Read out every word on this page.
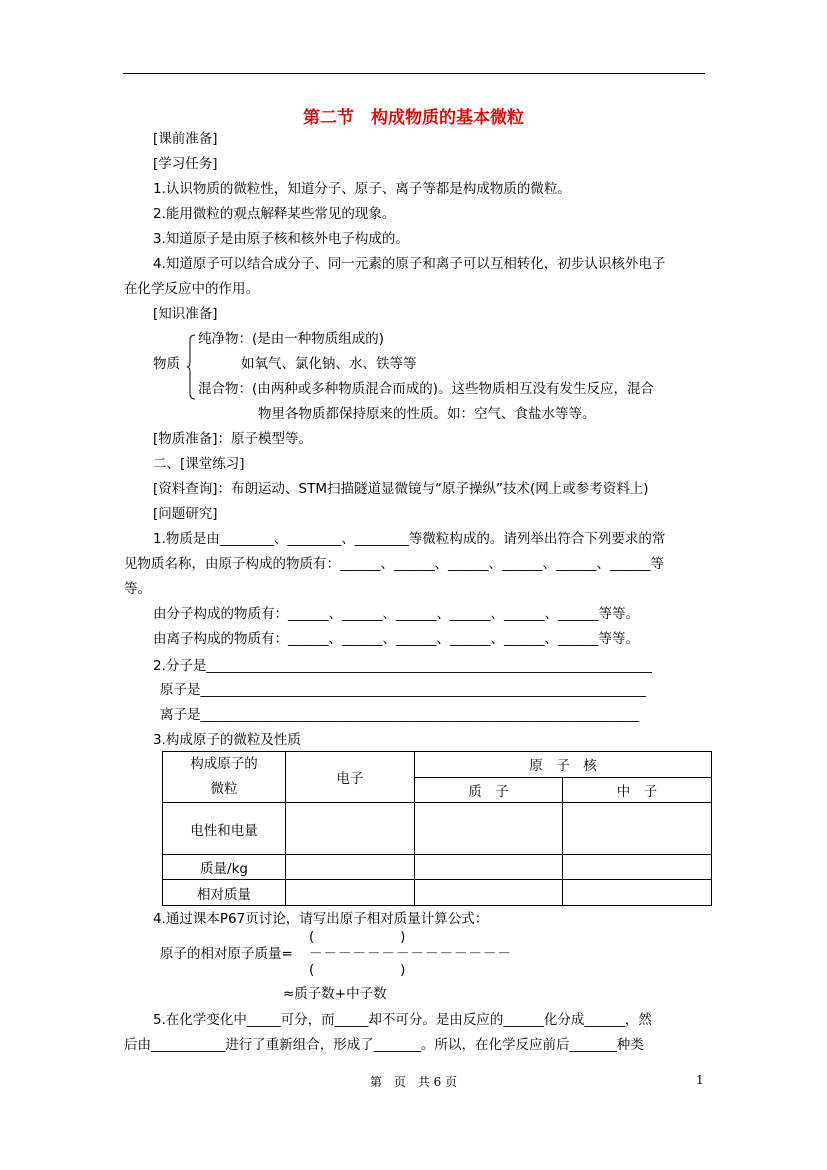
第二节　构成物质的基本微粒
[课前准备]
[学习任务]
1.认识物质的微粒性，知道分子、原子、离子等都是构成物质的微粒。
2.能用微粒的观点解释某些常见的现象。
3.知道原子是由原子核和核外电子构成的。
4.知道原子可以结合成分子、同一元素的原子和离子可以互相转化，初步认识核外电子
在化学反应中的作用。
[知识准备]
纯净物：(是由一种物质组成的)
物质	如氧气、氯化钠、水、铁等等
混合物：(由两种或多种物质混合而成的)。这些物质相互没有发生反应，混合
物里各物质都保持原来的性质。如：空气、食盐水等等。
[物质准备]：原子模型等。
二、[课堂练习]
[资料查询]：布朗运动、STM扫描隧道显微镜与“原子操纵”技术(网上或参考资料上)
[问题研究]
1.物质是由________、________、________等微粒构成的。请列举出符合下列要求的常
见物质名称，由原子构成的物质有：______、______、______、______、______、______等
等。
由分子构成的物质有：______、______、______、______、______、______等等。
由离子构成的物质有：______、______、______、______、______、______等等。
2.分子是__________________________________________________________________
原子是__________________________________________________________________
离子是_________________________________________________________________
3.构成原子的微粒及性质
构成原子的
微粒	电子	原　子　核	
		质　子	中　子
电性和电量			
质量/kg			
相对质量			
4.通过课本P67页讨论，请写出原子相对质量计算公式：
(                    )
原子的相对原子质量= －－－－－－－－－－－－－－
(                    )
≈质子数+中子数
5.在化学变化中_____可分，而_____却不可分。是由反应的______化分成______，然
后由___________进行了重新组合，形成了_______。所以，在化学反应前后_______种类
第　页　共 6 页	1
